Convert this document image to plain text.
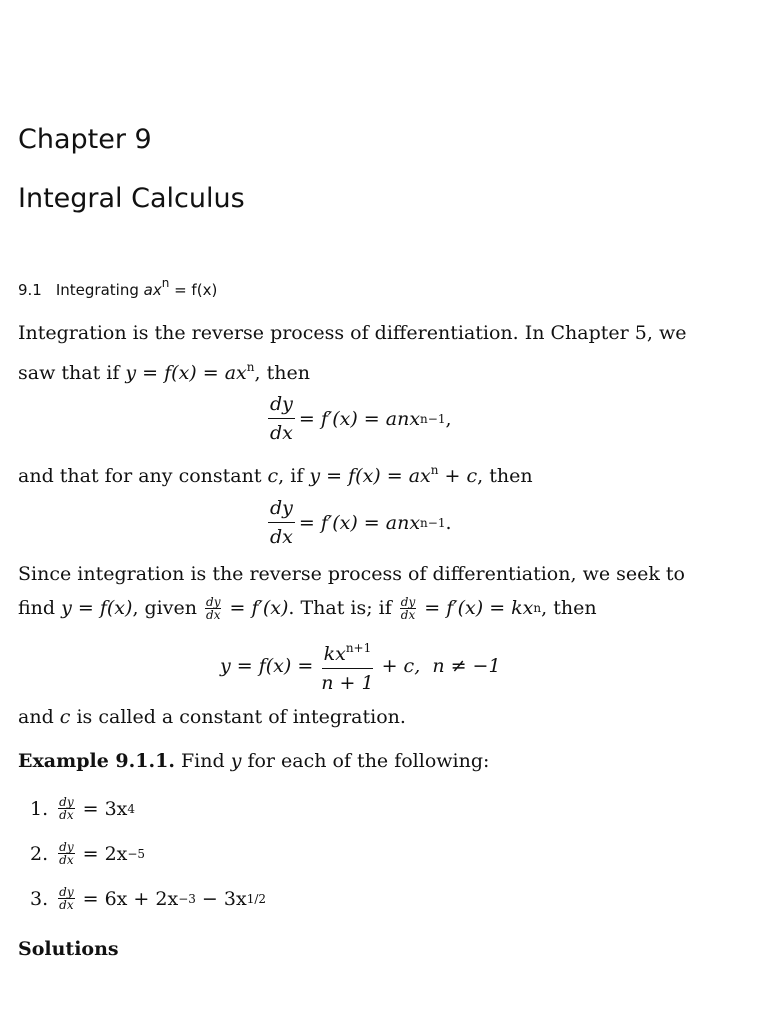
Chapter 9
Integral Calculus
9.1 Integrating $ax^n = f(x)$
Integration is the reverse process of differentiation. In Chapter 5, we
saw that if $y = f(x) = ax^n$, then
$\frac{dy}{dx} = f'(x)$ = anx n−1 ,
and that for any constant c, if $y = f(x) = ax^n + c$, then
$\frac{dy}{dx} = f'(x)$ = anx n−1 .
Since integration is the reverse process of differentiation, we seek to
find y = f(x) , given $\frac{dy}{dx} = f'(x)$ . That is; if $\frac{dy}{dx} = f'(x)$ = kx n , then
$y = f(x) = \frac{kx^{n+1}}{n + 1} + c$,  n ≠ −1
and c is called a constant of integration.
Example 9.1.1. Find y for each of the following:
1. $\frac{dy}{dx} = 3x$ 4
2. $\frac{dy}{dx} = 2x -5$
3. $\frac{dy}{dx} = 6x + 2x -3 - 3x$ 1/2
Solutions
